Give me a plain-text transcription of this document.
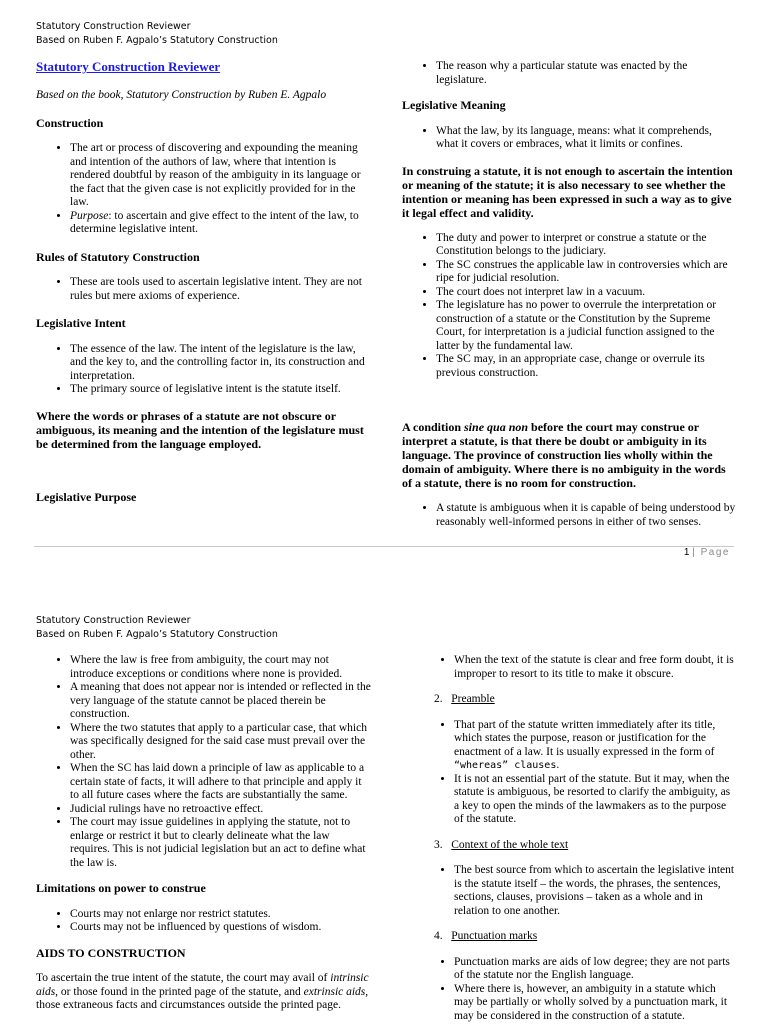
Statutory Construction Reviewer
Based on Ruben F. Agpalo’s Statutory Construction
Statutory Construction Reviewer

Based on the book, Statutory Construction by Ruben E. Agpalo

Construction

• The art or process of discovering and expounding the meaning and intention of the authors of law, where that intention is rendered doubtful by reason of the ambiguity in its language or the fact that the given case is not explicitly provided for in the law.
• Purpose: to ascertain and give effect to the intent of the law, to determine legislative intent.

Rules of Statutory Construction

• These are tools used to ascertain legislative intent. They are not rules but mere axioms of experience.

Legislative Intent

• The essence of the law. The intent of the legislature is the law, and the key to, and the controlling factor in, its construction and interpretation.
• The primary source of legislative intent is the statute itself.

Where the words or phrases of a statute are not obscure or ambiguous, its meaning and the intention of the legislature must be determined from the language employed.

Legislative Purpose

• The reason why a particular statute was enacted by the legislature.

Legislative Meaning

• What the law, by its language, means: what it comprehends, what it covers or embraces, what it limits or confines.

In construing a statute, it is not enough to ascertain the intention or meaning of the statute; it is also necessary to see whether the intention or meaning has been expressed in such a way as to give it legal effect and validity.

• The duty and power to interpret or construe a statute or the Constitution belongs to the judiciary.
• The SC construes the applicable law in controversies which are ripe for judicial resolution.
• The court does not interpret law in a vacuum.
• The legislature has no power to overrule the interpretation or construction of a statute or the Constitution by the Supreme Court, for interpretation is a judicial function assigned to the latter by the fundamental law.
• The SC may, in an appropriate case, change or overrule its previous construction.

A condition sine qua non before the court may construe or interpret a statute, is that there be doubt or ambiguity in its language. The province of construction lies wholly within the domain of ambiguity. Where there is no ambiguity in the words of a statute, there is no room for construction.

• A statute is ambiguous when it is capable of being understood by reasonably well-informed persons in either of two senses.
1 | Page
Statutory Construction Reviewer
Based on Ruben F. Agpalo’s Statutory Construction
• Where the law is free from ambiguity, the court may not introduce exceptions or conditions where none is provided.
• A meaning that does not appear nor is intended or reflected in the very language of the statute cannot be placed therein be construction.
• Where the two statutes that apply to a particular case, that which was specifically designed for the said case must prevail over the other.
• When the SC has laid down a principle of law as applicable to a certain state of facts, it will adhere to that principle and apply it to all future cases where the facts are substantially the same.
• Judicial rulings have no retroactive effect.
• The court may issue guidelines in applying the statute, not to enlarge or restrict it but to clearly delineate what the law requires. This is not judicial legislation but an act to define what the law is.

Limitations on power to construe

• Courts may not enlarge nor restrict statutes.
• Courts may not be influenced by questions of wisdom.

AIDS TO CONSTRUCTION

To ascertain the true intent of the statute, the court may avail of intrinsic aids, or those found in the printed page of the statute, and extrinsic aids, those extraneous facts and circumstances outside the printed page.

• When the text of the statute is clear and free form doubt, it is improper to resort to its title to make it obscure.

2. Preamble

• That part of the statute written immediately after its title, which states the purpose, reason or justification for the enactment of a law. It is usually expressed in the form of “whereas” clauses.
• It is not an essential part of the statute. But it may, when the statute is ambiguous, be resorted to clarify the ambiguity, as a key to open the minds of the lawmakers as to the purpose of the statute.

3. Context of the whole text

• The best source from which to ascertain the legislative intent is the statute itself – the words, the phrases, the sentences, sections, clauses, provisions – taken as a whole and in relation to one another.

4. Punctuation marks

• Punctuation marks are aids of low degree; they are not parts of the statute nor the English language.
• Where there is, however, an ambiguity in a statute which may be partially or wholly solved by a punctuation mark, it may be considered in the construction of a statute.
